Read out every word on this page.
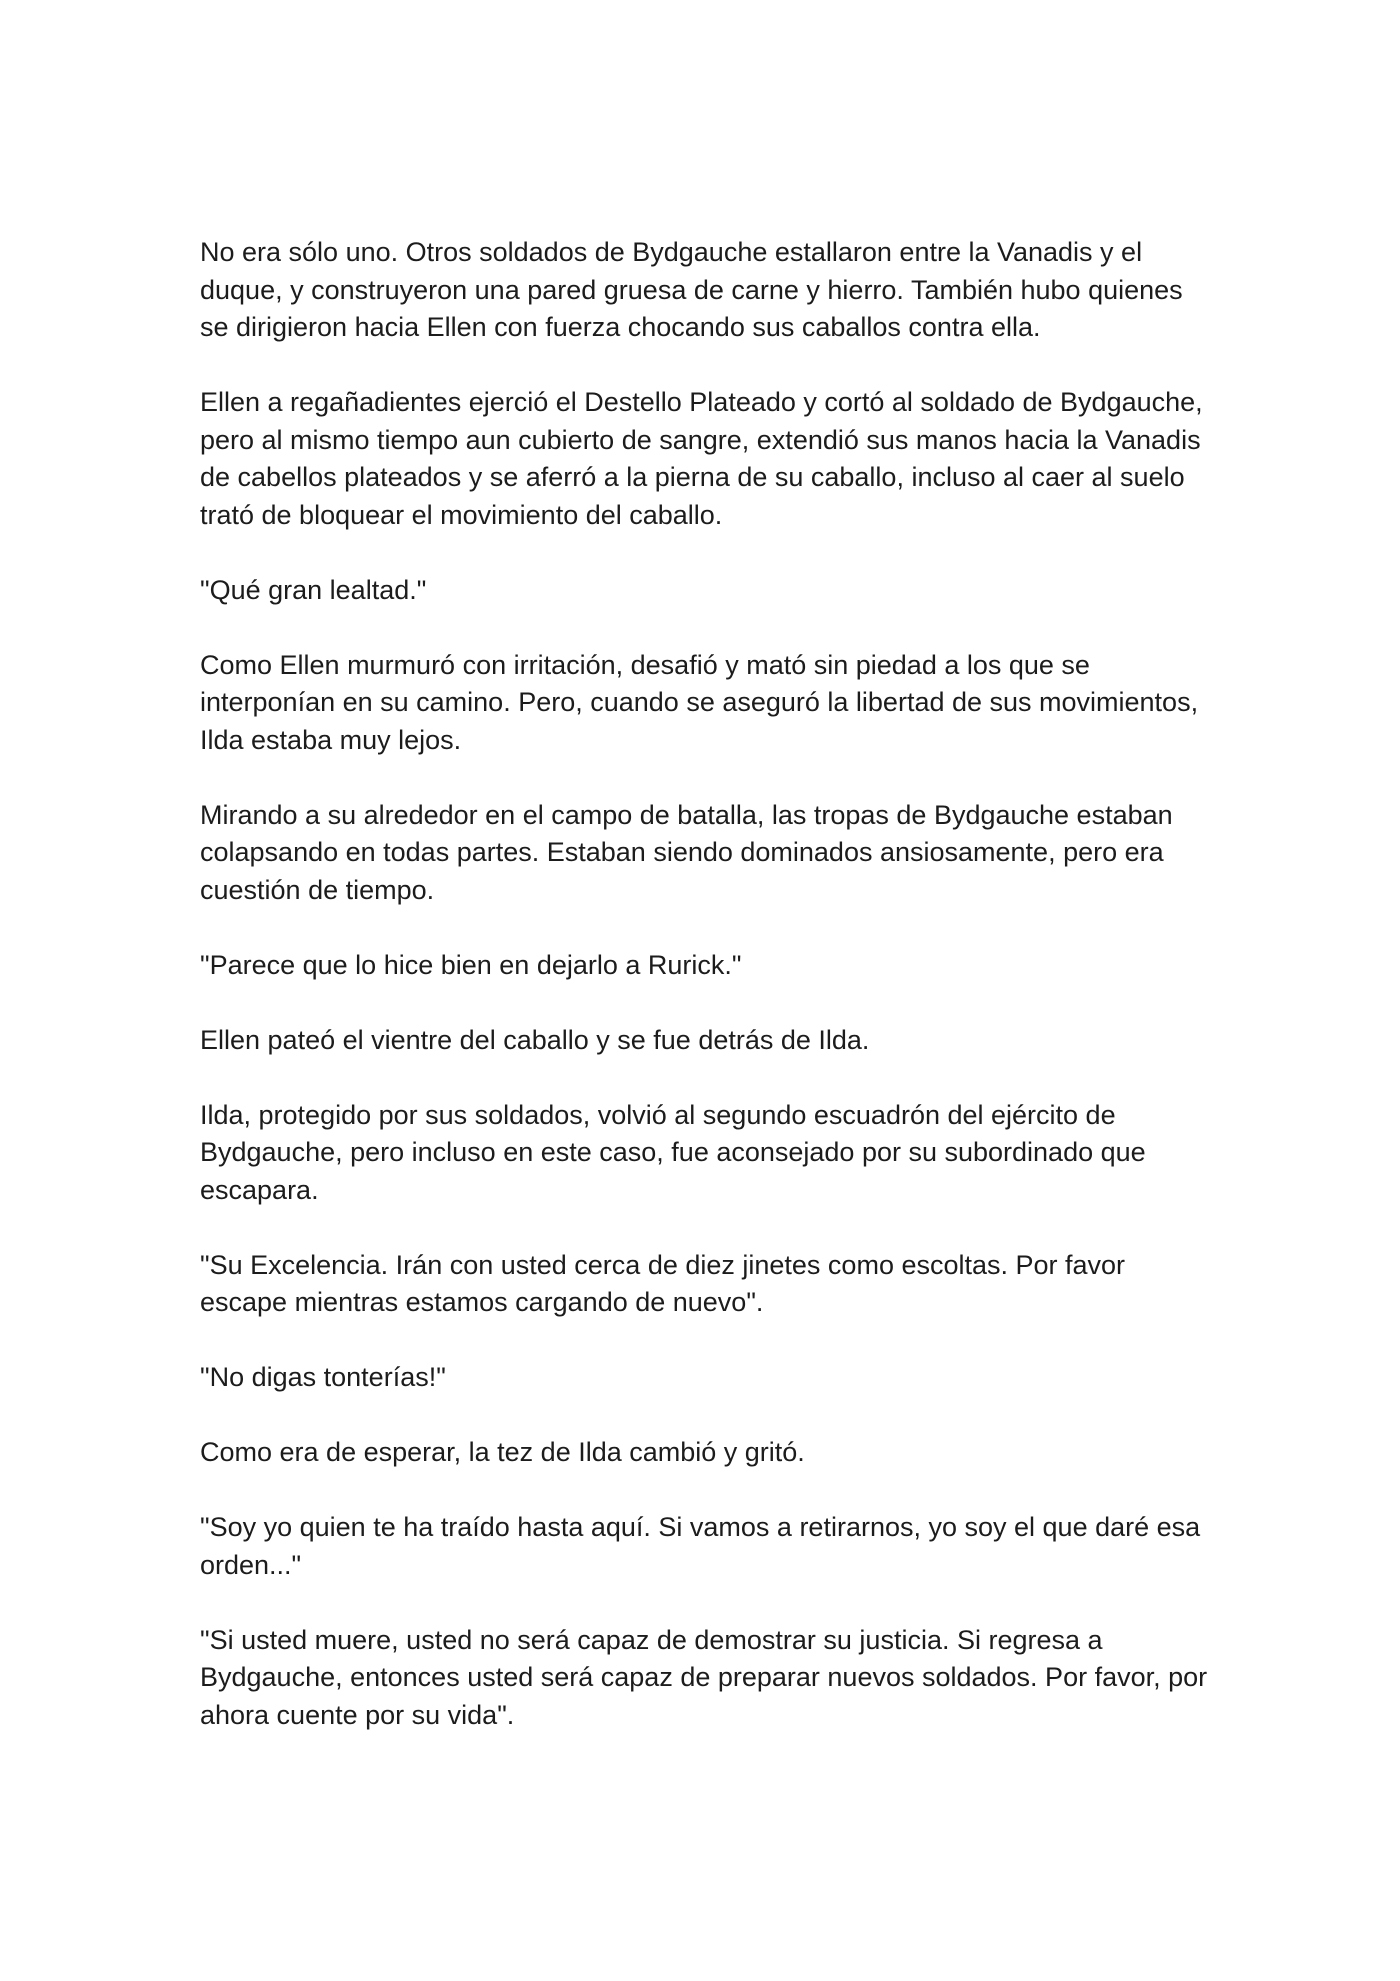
No era sólo uno. Otros soldados de Bydgauche estallaron entre la Vanadis y el duque, y construyeron una pared gruesa de carne y hierro. También hubo quienes se dirigieron hacia Ellen con fuerza chocando sus caballos contra ella.

Ellen a regañadientes ejerció el Destello Plateado y cortó al soldado de Bydgauche, pero al mismo tiempo aun cubierto de sangre, extendió sus manos hacia la Vanadis de cabellos plateados y se aferró a la pierna de su caballo, incluso al caer al suelo trató de bloquear el movimiento del caballo.

"Qué gran lealtad."

Como Ellen murmuró con irritación, desafió y mató sin piedad a los que se interponían en su camino. Pero, cuando se aseguró la libertad de sus movimientos, Ilda estaba muy lejos.

Mirando a su alrededor en el campo de batalla, las tropas de Bydgauche estaban colapsando en todas partes. Estaban siendo dominados ansiosamente, pero era cuestión de tiempo.

"Parece que lo hice bien en dejarlo a Rurick."

Ellen pateó el vientre del caballo y se fue detrás de Ilda.

Ilda, protegido por sus soldados, volvió al segundo escuadrón del ejército de Bydgauche, pero incluso en este caso, fue aconsejado por su subordinado que escapara.

"Su Excelencia. Irán con usted cerca de diez jinetes como escoltas. Por favor escape mientras estamos cargando de nuevo".

"No digas tonterías!"

Como era de esperar, la tez de Ilda cambió y gritó.

"Soy yo quien te ha traído hasta aquí. Si vamos a retirarnos, yo soy el que daré esa orden..."

"Si usted muere, usted no será capaz de demostrar su justicia. Si regresa a Bydgauche, entonces usted será capaz de preparar nuevos soldados. Por favor, por ahora cuente por su vida".
